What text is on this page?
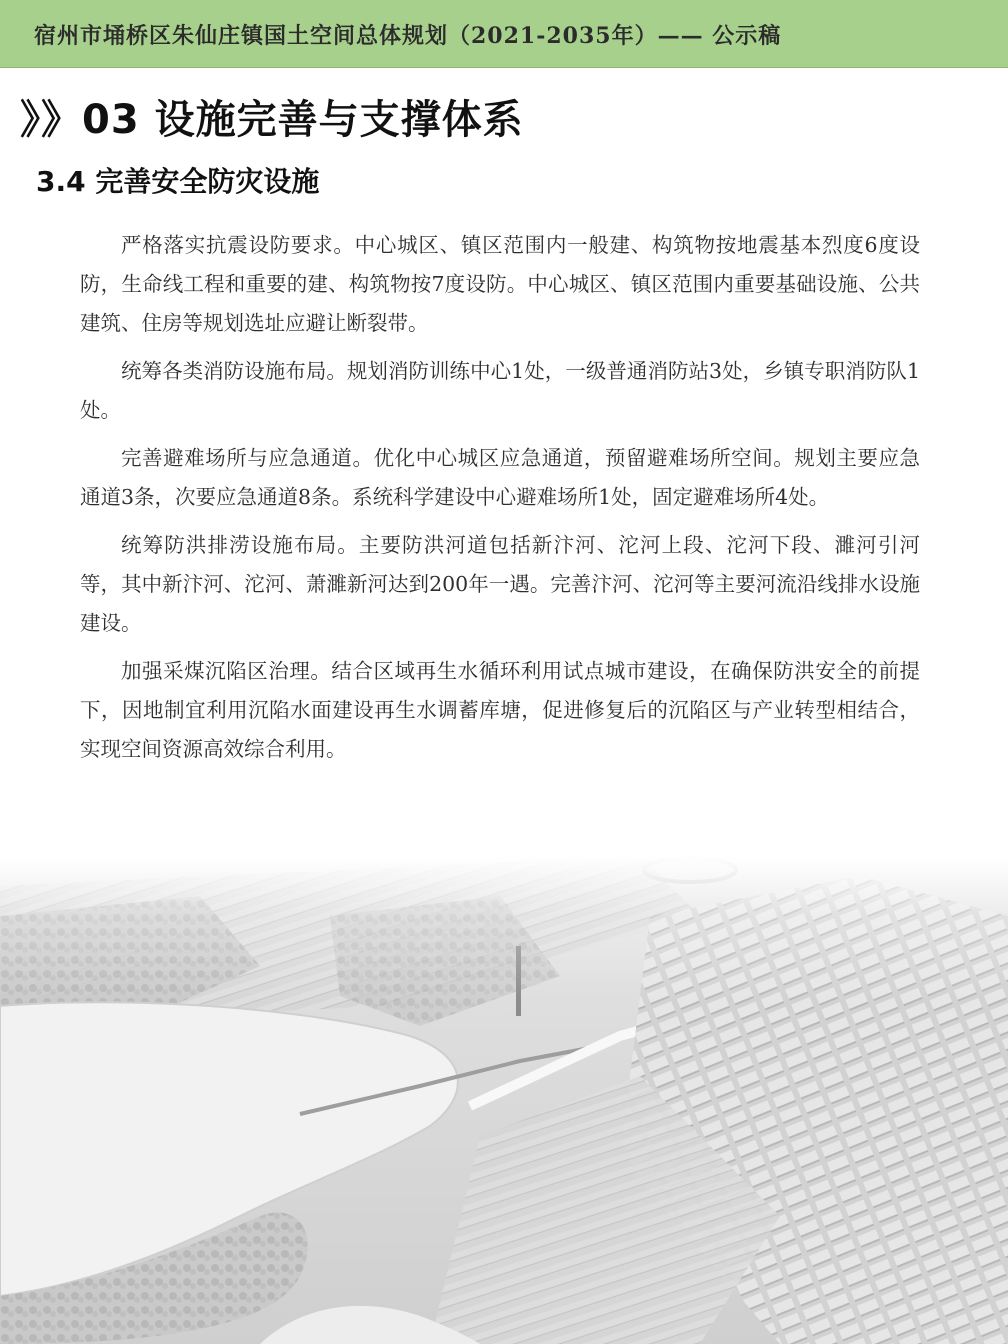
宿州市埇桥区朱仙庄镇国土空间总体规划（2021-2035年）—— 公示稿
》》03 设施完善与支撑体系
3.4 完善安全防灾设施

严格落实抗震设防要求。中心城区、镇区范围内一般建、构筑物按地震基本烈度6度设防，生命线工程和重要的建、构筑物按7度设防。中心城区、镇区范围内重要基础设施、公共建筑、住房等规划选址应避让断裂带。

统筹各类消防设施布局。规划消防训练中心1处，一级普通消防站3处，乡镇专职消防队1处。

完善避难场所与应急通道。优化中心城区应急通道，预留避难场所空间。规划主要应急通道3条，次要应急通道8条。系统科学建设中心避难场所1处，固定避难场所4处。

统筹防洪排涝设施布局。主要防洪河道包括新汴河、沱河上段、沱河下段、濉河引河等，其中新汴河、沱河、萧濉新河达到200年一遇。完善汴河、沱河等主要河流沿线排水设施建设。

加强采煤沉陷区治理。结合区域再生水循环利用试点城市建设，在确保防洪安全的前提下，因地制宜利用沉陷水面建设再生水调蓄库塘，促进修复后的沉陷区与产业转型相结合，实现空间资源高效综合利用。
